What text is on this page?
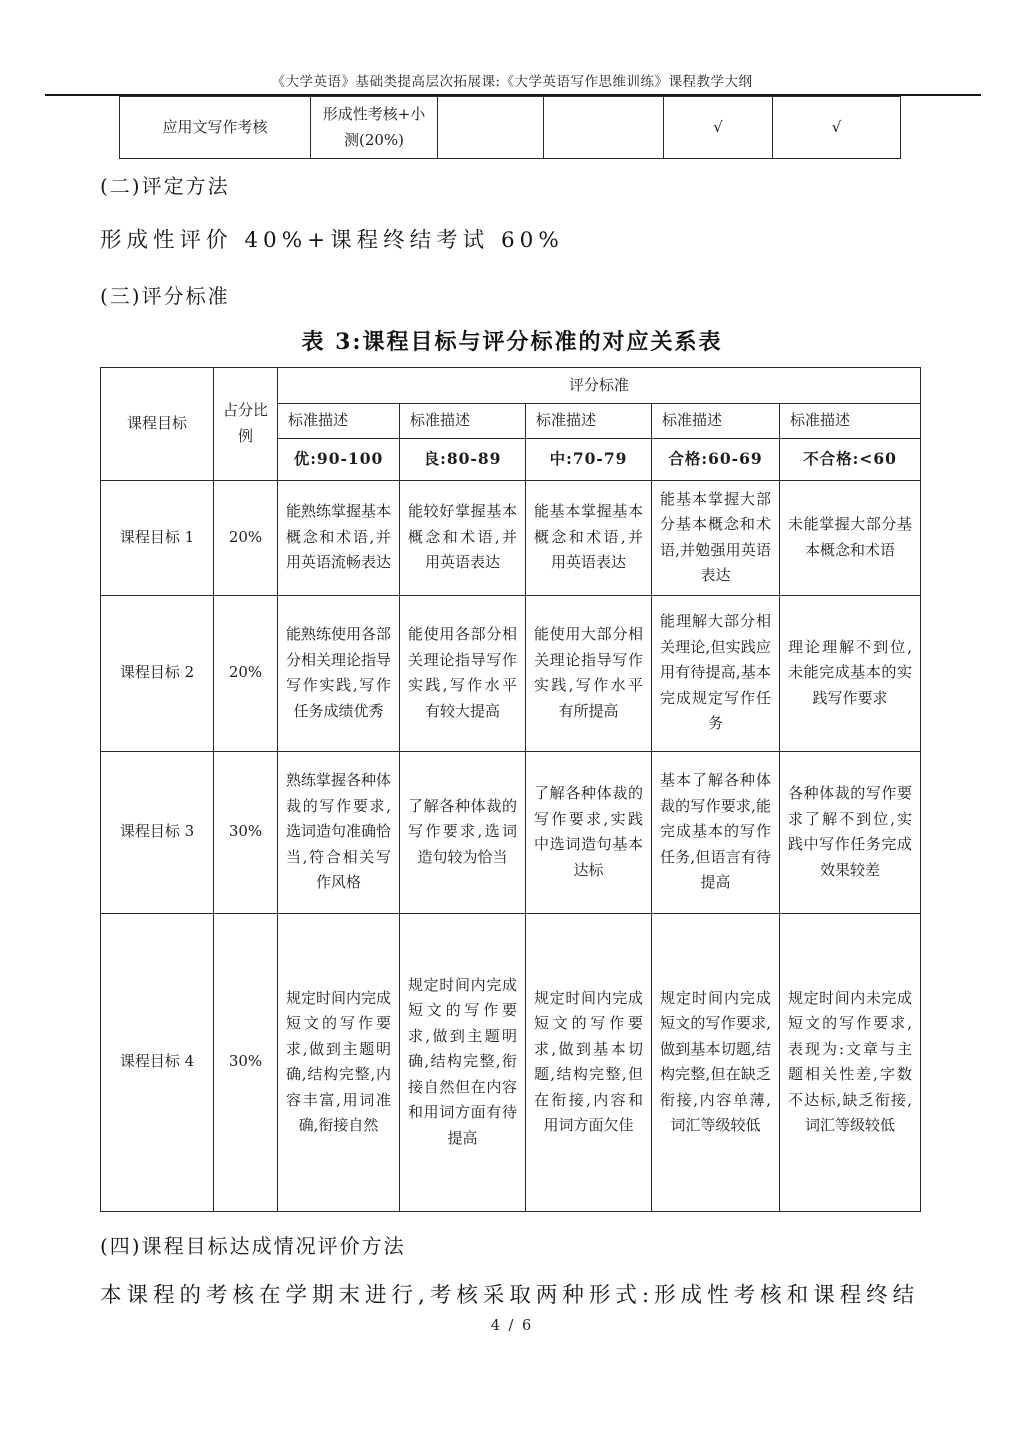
《大学英语》基础类提高层次拓展课:《大学英语写作思维训练》课程教学大纲
应用文写作考核	形成性考核+小测(20%)			√	√
(二)评定方法
形成性评价 40%+课程终结考试 60%
(三)评分标准
表 3:课程目标与评分标准的对应关系表
课程目标	占分比例	评分标准				
		标准描述	标准描述	标准描述	标准描述	标准描述
		优:90-100	良:80-89	中:70-79	合格:60-69	不合格:<60
课程目标 1	20%	能熟练掌握基本概念和术语,并用英语流畅表达	能较好掌握基本概念和术语,并用英语表达	能基本掌握基本概念和术语,并用英语表达	能基本掌握大部分基本概念和术语,并勉强用英语表达	未能掌握大部分基本概念和术语
课程目标 2	20%	能熟练使用各部分相关理论指导写作实践,写作任务成绩优秀	能使用各部分相关理论指导写作实践,写作水平有较大提高	能使用大部分相关理论指导写作实践,写作水平有所提高	能理解大部分相关理论,但实践应用有待提高,基本完成规定写作任务	理论理解不到位,未能完成基本的实践写作要求
课程目标 3	30%	熟练掌握各种体裁的写作要求,选词造句准确恰当,符合相关写作风格	了解各种体裁的写作要求,选词造句较为恰当	了解各种体裁的写作要求,实践中选词造句基本达标	基本了解各种体裁的写作要求,能完成基本的写作任务,但语言有待提高	各种体裁的写作要求了解不到位,实践中写作任务完成效果较差
课程目标 4	30%	规定时间内完成短文的写作要求,做到主题明确,结构完整,内容丰富,用词准确,衔接自然	规定时间内完成短文的写作要求,做到主题明确,结构完整,衔接自然但在内容和用词方面有待提高	规定时间内完成短文的写作要求,做到基本切题,结构完整,但在衔接,内容和用词方面欠佳	规定时间内完成短文的写作要求,做到基本切题,结构完整,但在缺乏衔接,内容单薄,词汇等级较低	规定时间内未完成短文的写作要求,表现为:文章与主题相关性差,字数不达标,缺乏衔接,词汇等级较低
(四)课程目标达成情况评价方法
本课程的考核在学期末进行,考核采取两种形式:形成性考核和课程终结
4 / 6
